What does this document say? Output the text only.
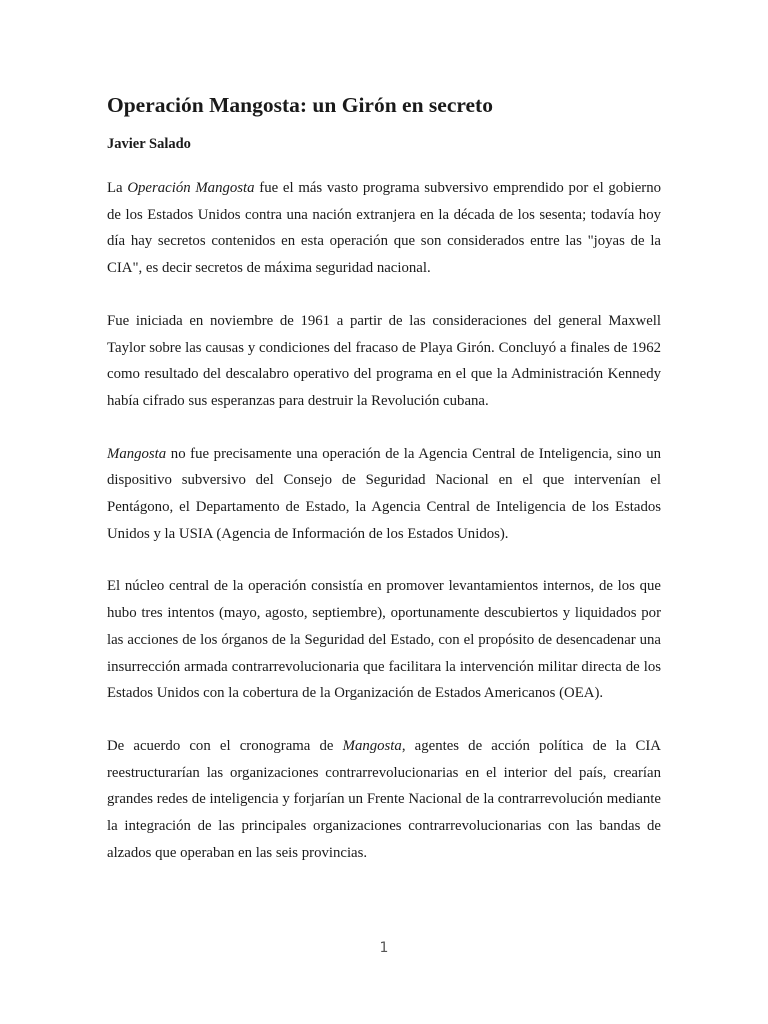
Operación Mangosta: un Girón en secreto
Javier Salado

La Operación Mangosta fue el más vasto programa subversivo emprendido por el gobierno de los Estados Unidos contra una nación extranjera en la década de los sesenta; todavía hoy día hay secretos contenidos en esta operación que son considerados entre las "joyas de la CIA", es decir secretos de máxima seguridad nacional.

Fue iniciada en noviembre de 1961 a partir de las consideraciones del general Maxwell Taylor sobre las causas y condiciones del fracaso de Playa Girón. Concluyó a finales de 1962 como resultado del descalabro operativo del programa en el que la Administración Kennedy había cifrado sus esperanzas para destruir la Revolución cubana.

Mangosta no fue precisamente una operación de la Agencia Central de Inteligencia, sino un dispositivo subversivo del Consejo de Seguridad Nacional en el que intervenían el Pentágono, el Departamento de Estado, la Agencia Central de Inteligencia de los Estados Unidos y la USIA (Agencia de Información de los Estados Unidos).

El núcleo central de la operación consistía en promover levantamientos internos, de los que hubo tres intentos (mayo, agosto, septiembre), oportunamente descubiertos y liquidados por las acciones de los órganos de la Seguridad del Estado, con el propósito de desencadenar una insurrección armada contrarrevolucionaria que facilitara la intervención militar directa de los Estados Unidos con la cobertura de la Organización de Estados Americanos (OEA).

De acuerdo con el cronograma de Mangosta, agentes de acción política de la CIA reestructurarían las organizaciones contrarrevolucionarias en el interior del país, crearían grandes redes de inteligencia y forjarían un Frente Nacional de la contrarrevolución mediante la integración de las principales organizaciones contrarrevolucionarias con las bandas de alzados que operaban en las seis provincias.

1
